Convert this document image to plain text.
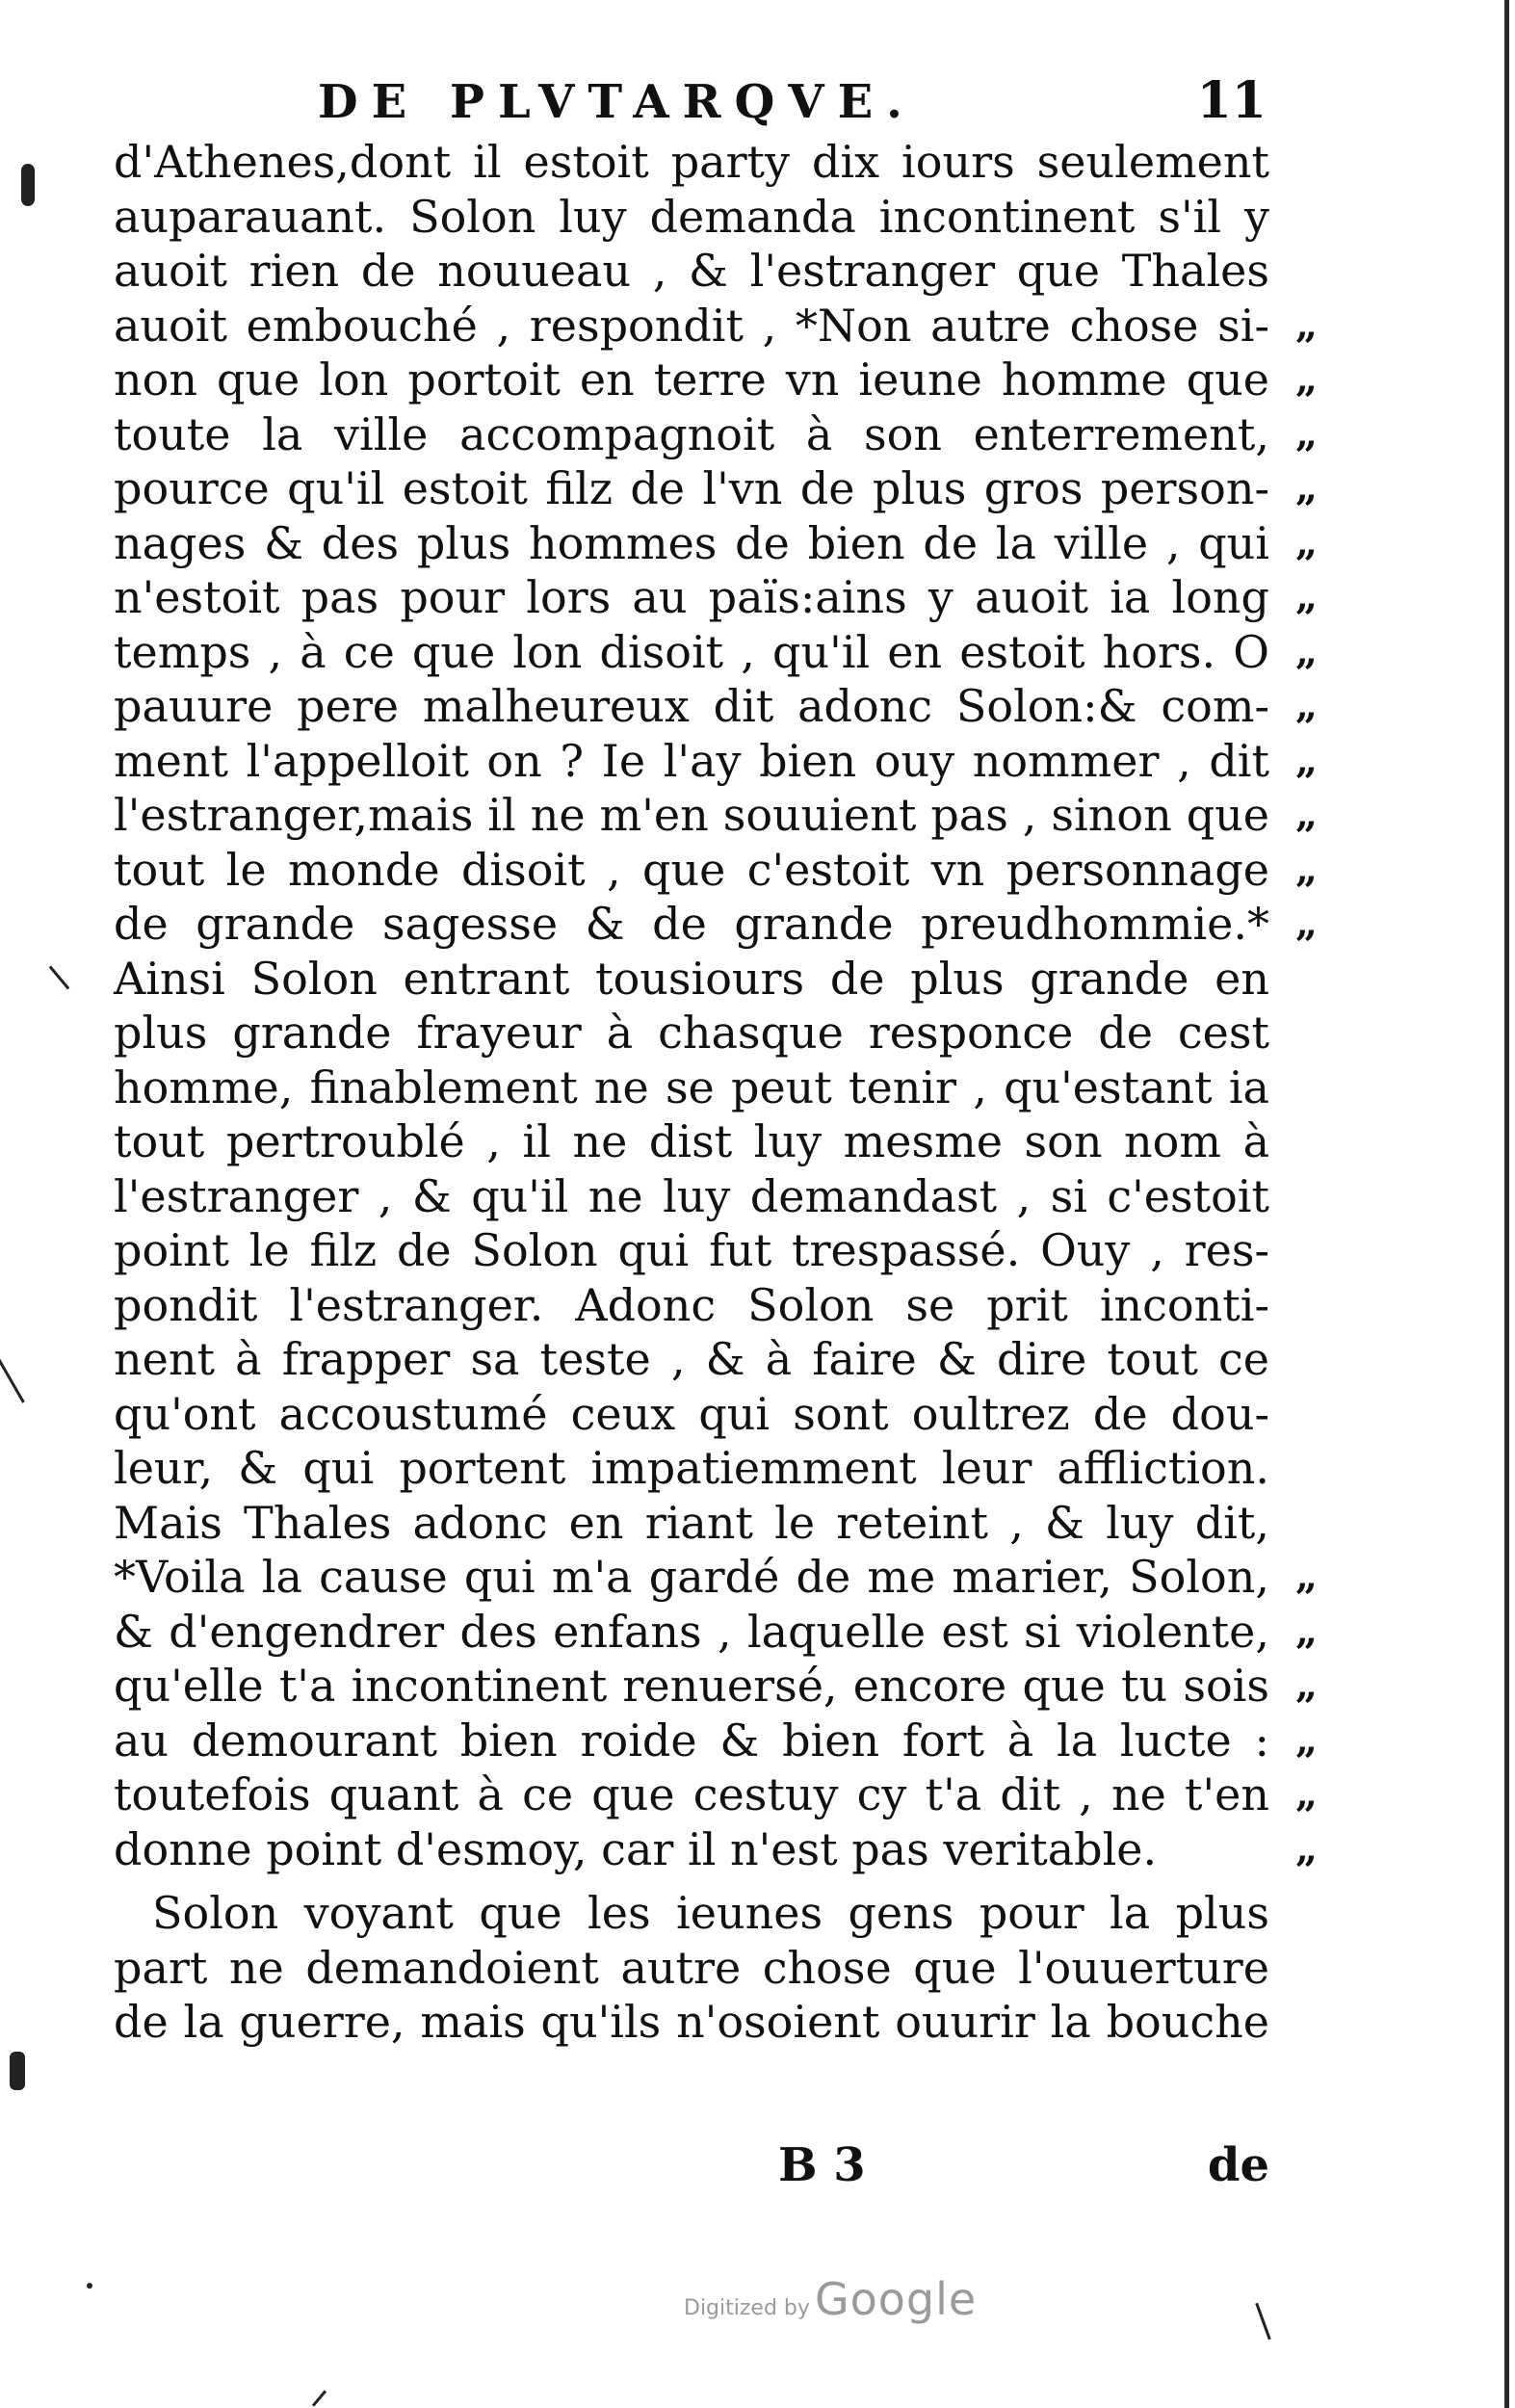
DE PLVTARQVE.	11
d'Athenes,dont il estoit party dix iours seulement
auparauant. Solon luy demanda incontinent s'il y
auoit rien de nouueau , & l'estranger que Thales
auoit embouché , respondit , *Non autre chose si-
non que lon portoit en terre vn ieune homme que
toute la ville accompagnoit à son enterrement,
pource qu'il estoit filz de l'vn de plus gros person-
nages & des plus hommes de bien de la ville , qui
n'estoit pas pour lors au païs:ains y auoit ia long
temps , à ce que lon disoit , qu'il en estoit hors. O
pauure pere malheureux dit adonc Solon:& com-
ment l'appelloit on ? Ie l'ay bien ouy nommer , dit
l'estranger,mais il ne m'en souuient pas , sinon que
tout le monde disoit , que c'estoit vn personnage
de grande sagesse & de grande preudhommie.*
Ainsi Solon entrant tousiours de plus grande en
plus grande frayeur à chasque responce de cest
homme, finablement ne se peut tenir , qu'estant ia
tout pertroublé , il ne dist luy mesme son nom à
l'estranger , & qu'il ne luy demandast , si c'estoit
point le filz de Solon qui fut trespassé. Ouy , res-
pondit l'estranger. Adonc Solon se prit inconti-
nent à frapper sa teste , & à faire & dire tout ce
qu'ont accoustumé ceux qui sont oultrez de dou-
leur, & qui portent impatiemment leur affliction.
Mais Thales adonc en riant le reteint , & luy dit,
*Voila la cause qui m'a gardé de me marier, Solon,
& d'engendrer des enfans , laquelle est si violente,
qu'elle t'a incontinent renuersé, encore que tu sois
au demourant bien roide & bien fort à la lucte :
toutefois quant à ce que cestuy cy t'a dit , ne t'en
donne point d'esmoy, car il n'est pas veritable.
Solon voyant que les ieunes gens pour la plus
part ne demandoient autre chose que l'ouuerture
de la guerre, mais qu'ils n'osoient ouurir la bouche
„
„
„
„
„
„
„
„
„
„
„
„
„
„
„
„
„
„
B 3	de
Digitized by Google
